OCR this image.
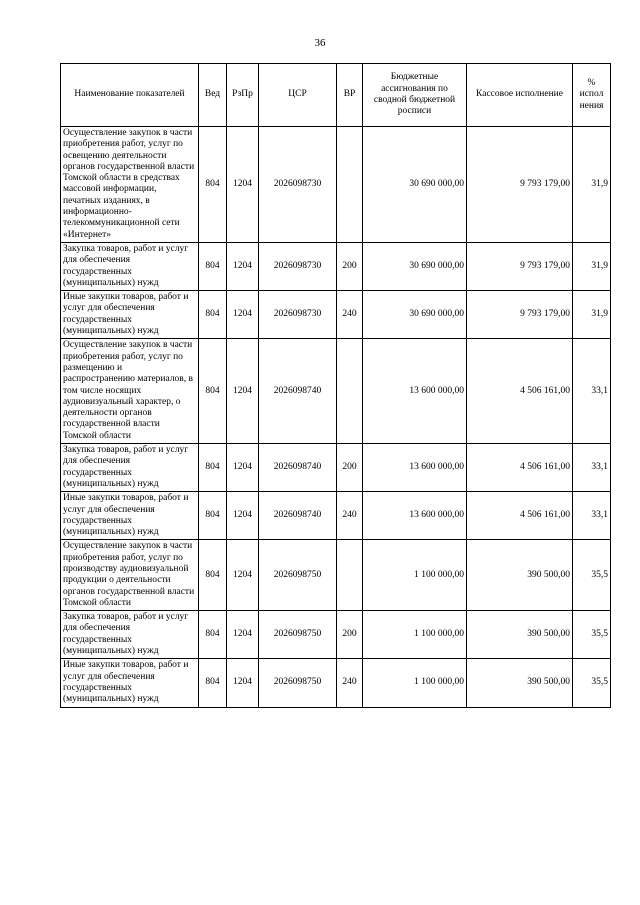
36
Наименование показателей	Вед	РзПр	ЦСР	ВР	Бюджетные ассигнования по сводной бюджетной росписи	Кассовое исполнение	% испол нения
Осуществление закупок в части приобретения работ, услуг по освещению деятельности органов государственной власти Томской области в средствах массовой информации, печатных изданиях, в информационно-телекоммуникационной сети «Интернет»	804	1204	2026098730		30 690 000,00	9 793 179,00	31,9
Закупка товаров, работ и услуг для обеспечения государственных (муниципальных) нужд	804	1204	2026098730	200	30 690 000,00	9 793 179,00	31,9
Иные закупки товаров, работ и услуг для обеспечения государственных (муниципальных) нужд	804	1204	2026098730	240	30 690 000,00	9 793 179,00	31,9
Осуществление закупок в части приобретения работ, услуг по размещению и распространению материалов, в том числе носящих аудиовизуальный характер, о деятельности органов государственной власти Томской области	804	1204	2026098740		13 600 000,00	4 506 161,00	33,1
Закупка товаров, работ и услуг для обеспечения государственных (муниципальных) нужд	804	1204	2026098740	200	13 600 000,00	4 506 161,00	33,1
Иные закупки товаров, работ и услуг для обеспечения государственных (муниципальных) нужд	804	1204	2026098740	240	13 600 000,00	4 506 161,00	33,1
Осуществление закупок в части приобретения работ, услуг по производству аудиовизуальной продукции о деятельности органов государственной власти Томской области	804	1204	2026098750		1 100 000,00	390 500,00	35,5
Закупка товаров, работ и услуг для обеспечения государственных (муниципальных) нужд	804	1204	2026098750	200	1 100 000,00	390 500,00	35,5
Иные закупки товаров, работ и услуг для обеспечения государственных (муниципальных) нужд	804	1204	2026098750	240	1 100 000,00	390 500,00	35,5
